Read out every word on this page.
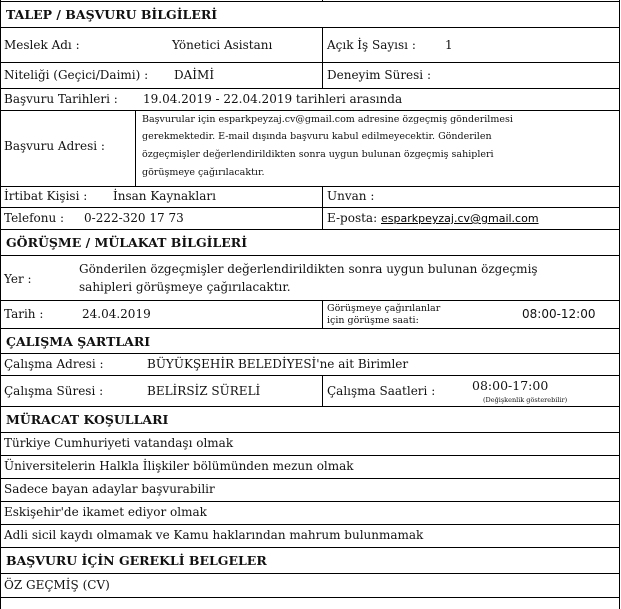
TALEP / BAŞVURU BİLGİLERİ
Meslek Adı :	Yönetici Asistanı	Açık İş Sayısı : 1
Niteliği (Geçici/Daimi) : DAİMİ	Deneyim Süresi :
Başvuru Tarihleri : 19.04.2019 - 22.04.2019 tarihleri arasında
Başvuru Adresi :
Başvurular için esparkpeyzaj.cv@gmail.com adresine özgeçmiş gönderilmesi
gerekmektedir. E-mail dışında başvuru kabul edilmeyecektir. Gönderilen
özgeçmişler değerlendirildikten sonra uygun bulunan özgeçmiş sahipleri
görüşmeye çağırılacaktır.
İrtibat Kişisi : İnsan Kaynakları	Unvan :
Telefonu : 0-222-320 17 73	E-posta: esparkpeyzaj.cv@gmail.com
GÖRÜŞME / MÜLAKAT BİLGİLERİ
Yer :
Gönderilen özgeçmişler değerlendirildikten sonra uygun bulunan özgeçmiş
sahipleri görüşmeye çağırılacaktır.
Tarih :	24.04.2019	Görüşmeye çağırılanlar
için görüşme saati:	08:00-12:00
ÇALIŞMA ŞARTLARI
Çalışma Adresi :	BÜYÜKŞEHİR BELEDİYESİ'ne ait Birimler
Çalışma Süresi :	BELİRSİZ SÜRELİ	Çalışma Saatleri :	08:00-17:00
(Değişkenlik gösterebilir)
MÜRACAT KOŞULLARI
Türkiye Cumhuriyeti vatandaşı olmak
Üniversitelerin Halkla İlişkiler bölümünden mezun olmak
Sadece bayan adaylar başvurabilir
Eskişehir'de ikamet ediyor olmak
Adli sicil kaydı olmamak ve Kamu haklarından mahrum bulunmamak
BAŞVURU İÇİN GEREKLİ BELGELER
ÖZ GEÇMİŞ (CV)
